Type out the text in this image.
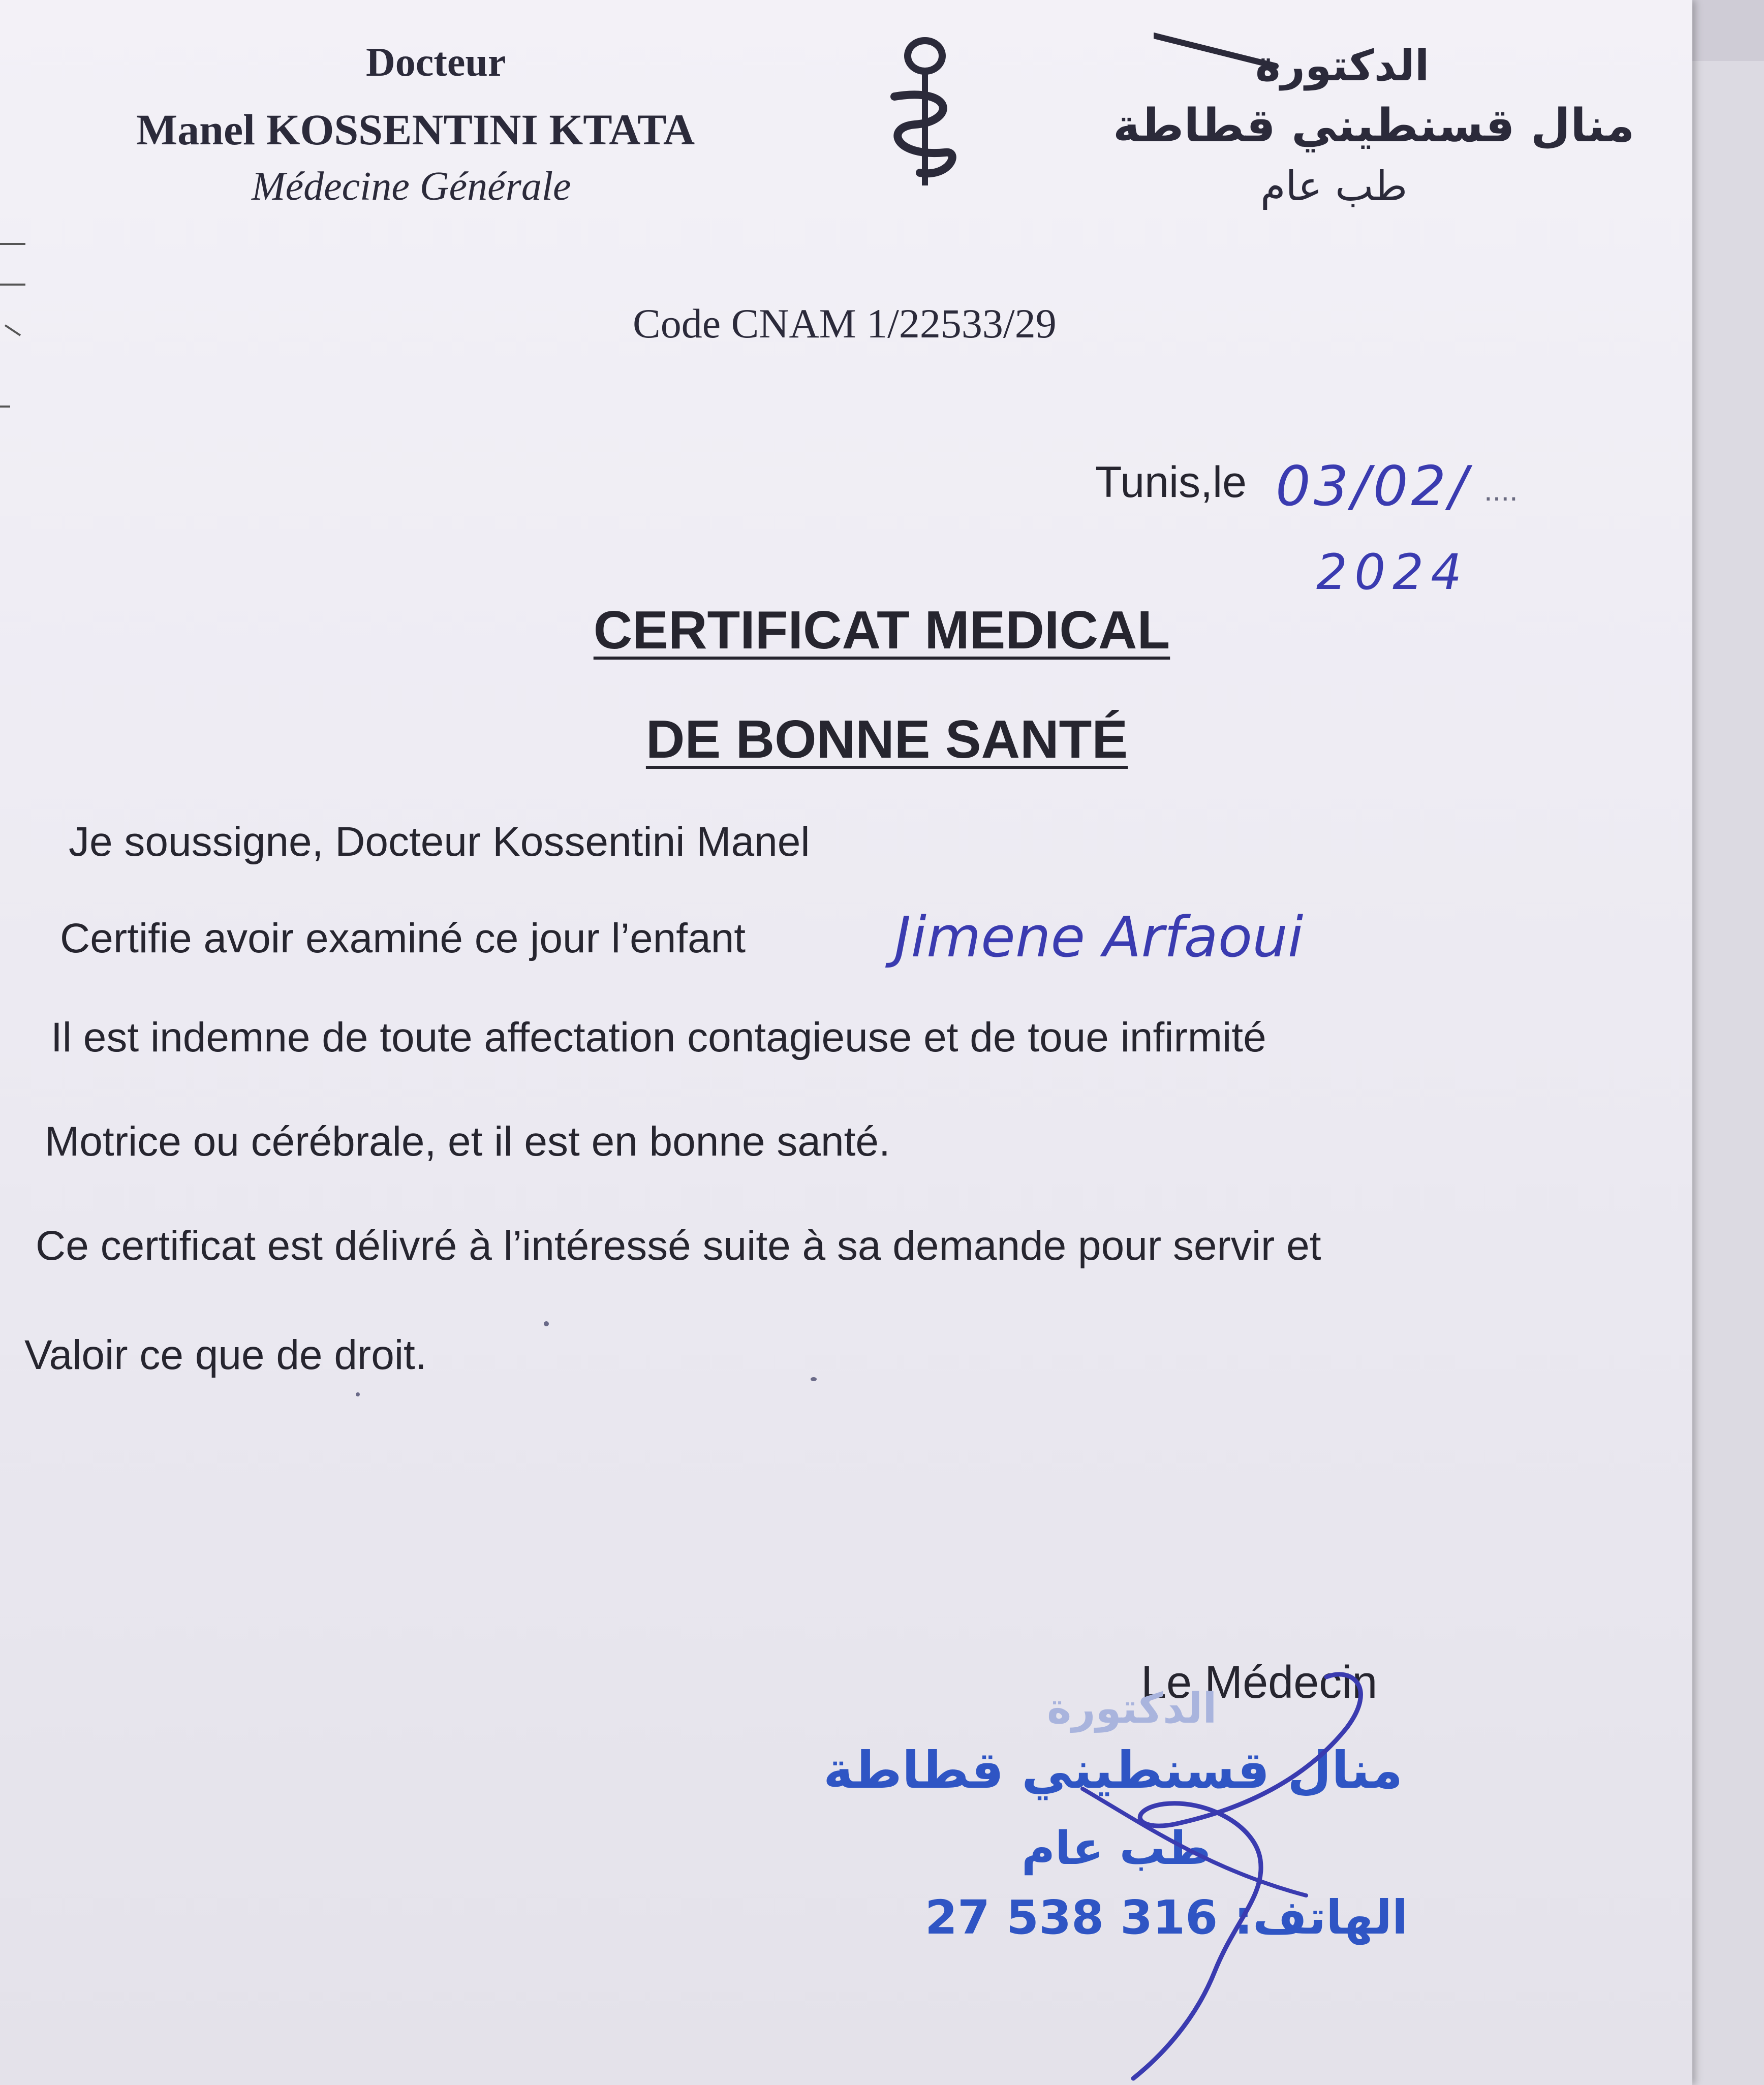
Docteur
Manel KOSSENTINI KTATA
Médecine Générale
الدكتورة
منال قسنطيني قطاطة
طب عام
Code CNAM 1/22533/29
Tunis,le 03/02/ ....
2024
CERTIFICAT MEDICAL
DE BONNE SANTÉ
Je soussigne, Docteur Kossentini Manel
Certifie avoir examiné ce jour l’enfant	Jimene Arfaoui
Il est indemne de toute affectation contagieuse et de toue infirmité
Motrice ou cérébrale, et il est en bonne santé.
Ce certificat est délivré à l’intéressé suite à sa demande pour servir et
Valoir ce que de droit.
Le Médecin
الدكتورة
منال قسنطيني قطاطة
طب عام
27 538 316 الهاتف:
